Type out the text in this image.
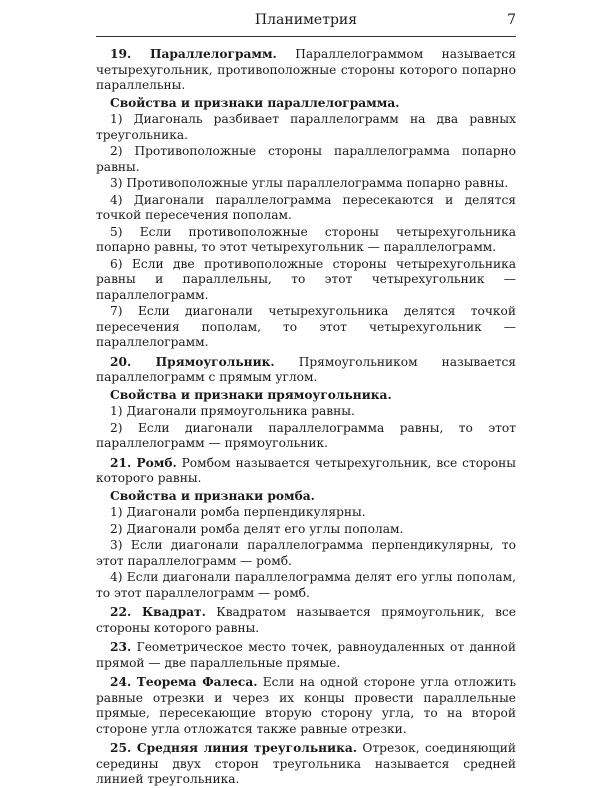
Планиметрия	7

19. Параллелограмм. Параллелограммом называется четырехугольник, противоположные стороны которого попарно параллельны.

Свойства и признаки параллелограмма.

1) Диагональ разбивает параллелограмм на два равных треугольника.

2) Противоположные стороны параллелограмма попарно равны.

3) Противоположные углы параллелограмма попарно равны.

4) Диагонали параллелограмма пересекаются и делятся точкой пересечения пополам.

5) Если противоположные стороны четырехугольника попарно равны, то этот четырехугольник — параллелограмм.

6) Если две противоположные стороны четырехугольника равны и параллельны, то этот четырехугольник — параллелограмм.

7) Если диагонали четырехугольника делятся точкой пересечения пополам, то этот четырехугольник — параллелограмм.

20. Прямоугольник. Прямоугольником называется параллелограмм с прямым углом.

Свойства и признаки прямоугольника.

1) Диагонали прямоугольника равны.

2) Если диагонали параллелограмма равны, то этот параллелограмм — прямоугольник.

21. Ромб. Ромбом называется четырехугольник, все стороны которого равны.

Свойства и признаки ромба.

1) Диагонали ромба перпендикулярны.

2) Диагонали ромба делят его углы пополам.

3) Если диагонали параллелограмма перпендикулярны, то этот параллелограмм — ромб.

4) Если диагонали параллелограмма делят его углы пополам, то этот параллелограмм — ромб.

22. Квадрат. Квадратом называется прямоугольник, все стороны которого равны.

23. Геометрическое место точек, равноудаленных от данной прямой — две параллельные прямые.

24. Теорема Фалеса. Если на одной стороне угла отложить равные отрезки и через их концы провести параллельные прямые, пересекающие вторую сторону угла, то на второй стороне угла отложатся также равные отрезки.

25. Средняя линия треугольника. Отрезок, соединяющий середины двух сторон треугольника называется средней линией треугольника.
